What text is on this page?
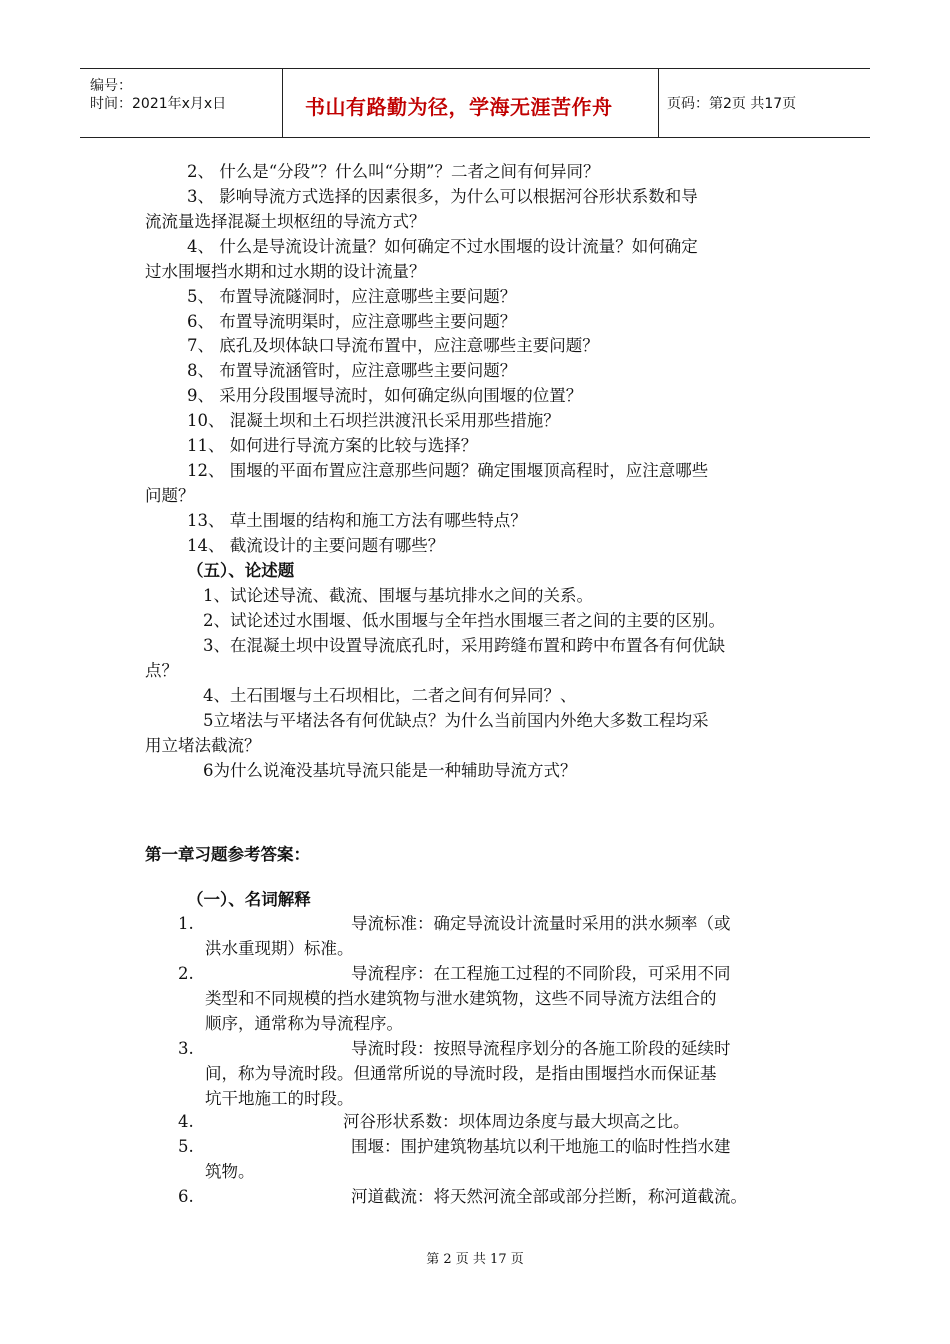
编号：
时间：2021年x月x日	书山有路勤为径，学海无涯苦作舟	页码：第2页 共17页
2、 什么是“分段”？什么叫“分期”？二者之间有何异同？
3、 影响导流方式选择的因素很多，为什么可以根据河谷形状系数和导
流流量选择混凝土坝枢纽的导流方式？
4、 什么是导流设计流量？如何确定不过水围堰的设计流量？如何确定
过水围堰挡水期和过水期的设计流量？
5、 布置导流隧洞时，应注意哪些主要问题？
6、 布置导流明渠时，应注意哪些主要问题？
7、 底孔及坝体缺口导流布置中，应注意哪些主要问题？
8、 布置导流涵管时，应注意哪些主要问题？
9、 采用分段围堰导流时，如何确定纵向围堰的位置？
10、 混凝土坝和土石坝拦洪渡汛长采用那些措施？
11、 如何进行导流方案的比较与选择？
12、 围堰的平面布置应注意那些问题？确定围堰顶高程时，应注意哪些
问题？
13、 草土围堰的结构和施工方法有哪些特点？
14、 截流设计的主要问题有哪些？
（五）、论述题
1、试论述导流、截流、围堰与基坑排水之间的关系。
2、试论述过水围堰、低水围堰与全年挡水围堰三者之间的主要的区别。
3、在混凝土坝中设置导流底孔时，采用跨缝布置和跨中布置各有何优缺
点？
4、土石围堰与土石坝相比，二者之间有何异同？、
5立堵法与平堵法各有何优缺点？为什么当前国内外绝大多数工程均采
用立堵法截流？
6为什么说淹没基坑导流只能是一种辅助导流方式？
第一章习题参考答案：
（一）、名词解释
1.	导流标准：确定导流设计流量时采用的洪水频率（或
洪水重现期）标准。
2.	导流程序：在工程施工过程的不同阶段，可采用不同
类型和不同规模的挡水建筑物与泄水建筑物，这些不同导流方法组合的
顺序，通常称为导流程序。
3.	导流时段：按照导流程序划分的各施工阶段的延续时
间，称为导流时段。但通常所说的导流时段，是指由围堰挡水而保证基
坑干地施工的时段。
4.	河谷形状系数：坝体周边条度与最大坝高之比。
5.	围堰：围护建筑物基坑以利干地施工的临时性挡水建
筑物。
6.	河道截流：将天然河流全部或部分拦断，称河道截流。
第 2 页 共 17 页
